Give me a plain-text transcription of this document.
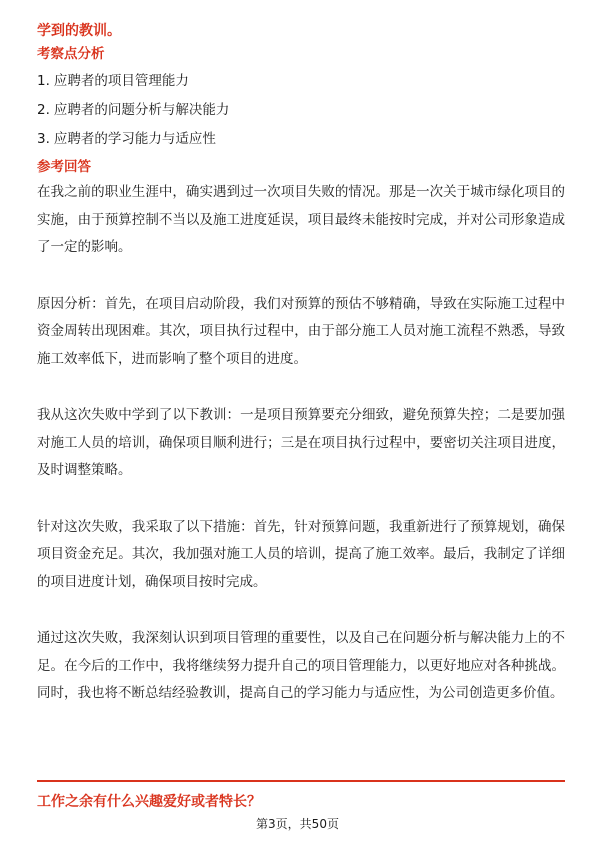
学到的教训。
考察点分析
1. 应聘者的项目管理能力
2. 应聘者的问题分析与解决能力
3. 应聘者的学习能力与适应性
参考回答

在我之前的职业生涯中，确实遇到过一次项目失败的情况。那是一次关于城市绿化项目的实施，由于预算控制不当以及施工进度延误，项目最终未能按时完成，并对公司形象造成了一定的影响。

原因分析：首先，在项目启动阶段，我们对预算的预估不够精确，导致在实际施工过程中资金周转出现困难。其次，项目执行过程中，由于部分施工人员对施工流程不熟悉，导致施工效率低下，进而影响了整个项目的进度。

我从这次失败中学到了以下教训：一是项目预算要充分细致，避免预算失控；二是要加强对施工人员的培训，确保项目顺利进行；三是在项目执行过程中，要密切关注项目进度，及时调整策略。

针对这次失败，我采取了以下措施：首先，针对预算问题，我重新进行了预算规划，确保项目资金充足。其次，我加强对施工人员的培训，提高了施工效率。最后，我制定了详细的项目进度计划，确保项目按时完成。

通过这次失败，我深刻认识到项目管理的重要性，以及自己在问题分析与解决能力上的不足。在今后的工作中，我将继续努力提升自己的项目管理能力，以更好地应对各种挑战。同时，我也将不断总结经验教训，提高自己的学习能力与适应性，为公司创造更多价值。

工作之余有什么兴趣爱好或者特长？
第3页，共50页
